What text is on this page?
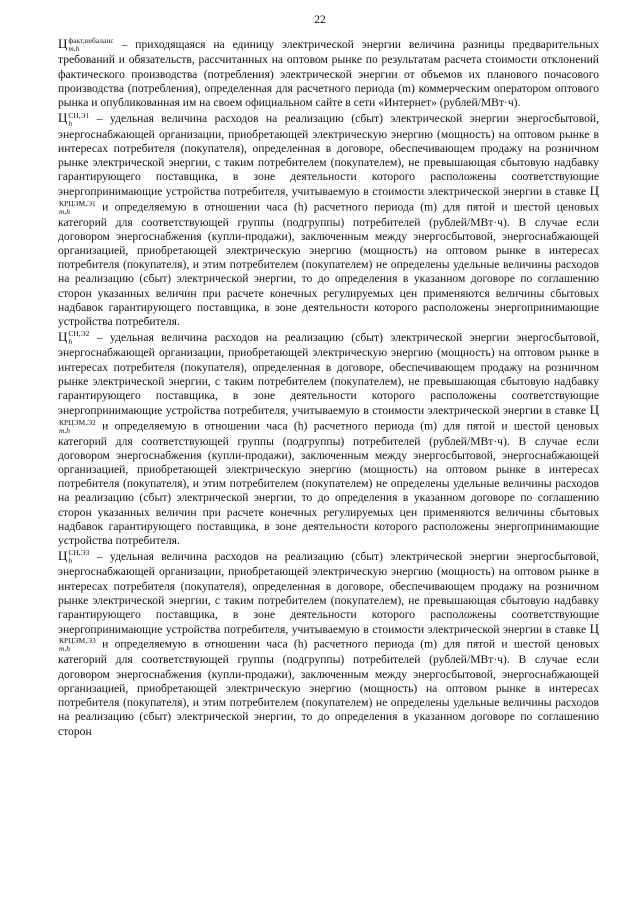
22

Ц факт,небаланс
m,h	– приходящаяся на единицу электрической энергии величина разницы предварительных требований и обязательств, рассчитанных на оптовом рынке по результатам расчета стоимости отклонений фактического производства (потребления) электрической энергии от объемов их планового почасового производства (потребления), определенная для расчетного периода (m) коммерческим оператором оптового рынка и опубликованная им на своем официальном сайте в сети «Интернет» (рублей/МВт·ч).

Ц СН,Э1
h	– удельная величина расходов на реализацию (сбыт) электрической энергии энергосбытовой, энергоснабжающей организации, приобретающей электрическую энергию (мощность) на оптовом рынке в интересах потребителя (покупателя), определенная в договоре, обеспечивающем продажу на розничном рынке электрической энергии, с таким потребителем (покупателем), не превышающая сбытовую надбавку гарантирующего поставщика, в зоне деятельности которого расположены соответствующие энергопринимающие устройства потребителя, учитываемую в стоимости электрической энергии в ставке Ц
КРЦЭМ,Э1
m,h	и определяемую в отношении часа (h) расчетного периода (m) для пятой и шестой ценовых категорий для соответствующей группы (подгруппы) потребителей (рублей/МВт·ч). В случае если договором энергоснабжения (купли-продажи), заключенным между энергосбытовой, энергоснабжающей организацией, приобретающей электрическую энергию (мощность) на оптовом рынке в интересах потребителя (покупателя), и этим потребителем (покупателем) не определены удельные величины расходов на реализацию (сбыт) электрической энергии, то до определения в указанном договоре по соглашению сторон указанных величин при расчете конечных регулируемых цен применяются величины сбытовых надбавок гарантирующего поставщика, в зоне деятельности которого расположены энергопринимающие устройства потребителя.

Ц СН,Э2
h	– удельная величина расходов на реализацию (сбыт) электрической энергии энергосбытовой, энергоснабжающей организации, приобретающей электрическую энергию (мощность) на оптовом рынке в интересах потребителя (покупателя), определенная в договоре, обеспечивающем продажу на розничном рынке электрической энергии, с таким потребителем (покупателем), не превышающая сбытовую надбавку гарантирующего поставщика, в зоне деятельности которого расположены соответствующие энергопринимающие устройства потребителя, учитываемую в стоимости электрической энергии в ставке Ц
КРЦЭМ,Э2
m,h	и определяемую в отношении часа (h) расчетного периода (m) для пятой и шестой ценовых категорий для соответствующей группы (подгруппы) потребителей (рублей/МВт·ч). В случае если договором энергоснабжения (купли-продажи), заключенным между энергосбытовой, энергоснабжающей организацией, приобретающей электрическую энергию (мощность) на оптовом рынке в интересах потребителя (покупателя), и этим потребителем (покупателем) не определены удельные величины расходов на реализацию (сбыт) электрической энергии, то до определения в указанном договоре по соглашению сторон указанных величин при расчете конечных регулируемых цен применяются величины сбытовых надбавок гарантирующего поставщика, в зоне деятельности которого расположены энергопринимающие устройства потребителя.

Ц СН,Э3
h	– удельная величина расходов на реализацию (сбыт) электрической энергии энергосбытовой, энергоснабжающей организации, приобретающей электрическую энергию (мощность) на оптовом рынке в интересах потребителя (покупателя), определенная в договоре, обеспечивающем продажу на розничном рынке электрической энергии, с таким потребителем (покупателем), не превышающая сбытовую надбавку гарантирующего поставщика, в зоне деятельности которого расположены соответствующие энергопринимающие устройства потребителя, учитываемую в стоимости электрической энергии в ставке Ц
КРЦЭМ,Э3
m,h	и определяемую в отношении часа (h) расчетного периода (m) для пятой и шестой ценовых категорий для соответствующей группы (подгруппы) потребителей (рублей/МВт·ч). В случае если договором энергоснабжения (купли-продажи), заключенным между энергосбытовой, энергоснабжающей организацией, приобретающей электрическую энергию (мощность) на оптовом рынке в интересах потребителя (покупателя), и этим потребителем (покупателем) не определены удельные величины расходов на реализацию (сбыт) электрической энергии, то до определения в указанном договоре по соглашению сторон
